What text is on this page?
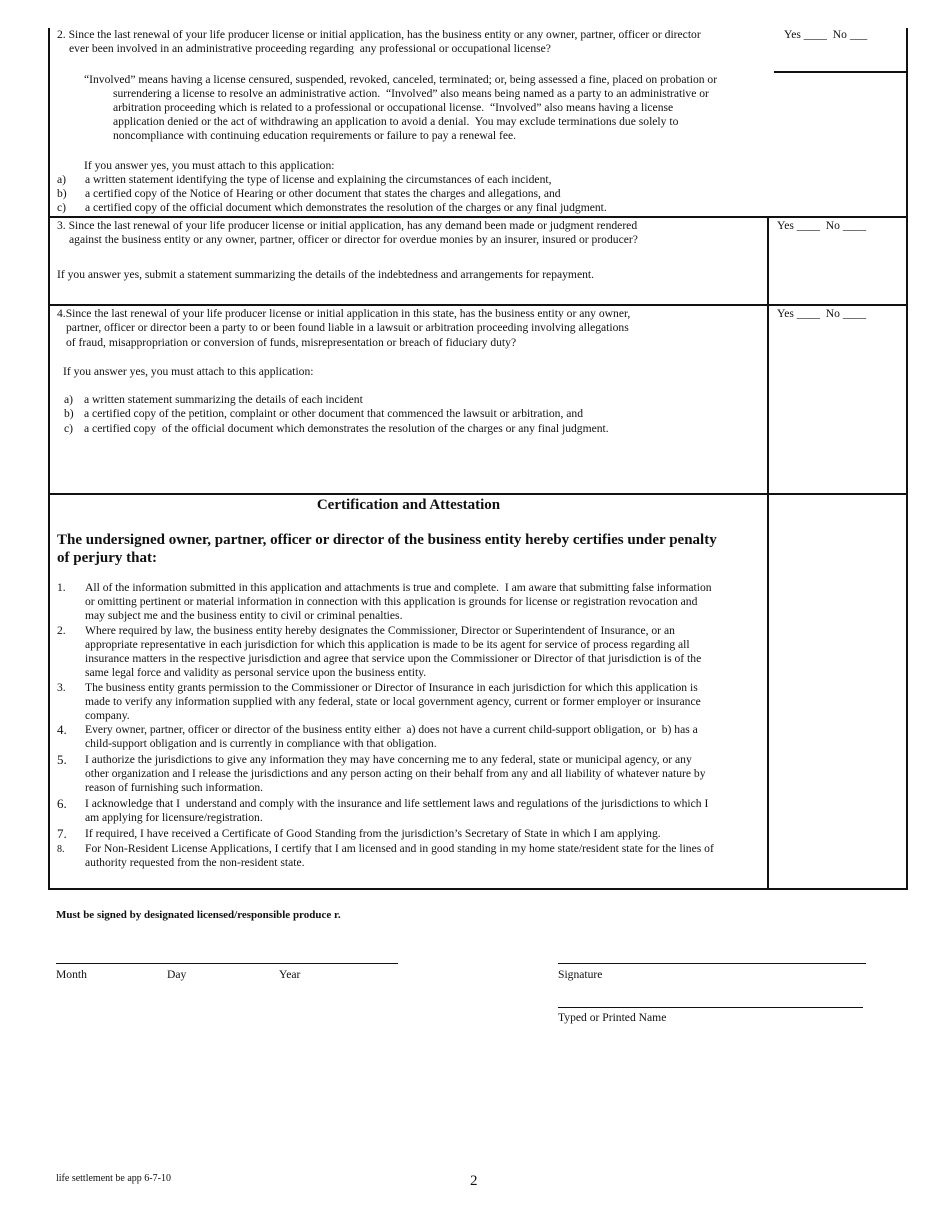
2. Since the last renewal of your life producer license or initial application, has the business entity or any owner, partner, officer or director
ever been involved in an administrative proceeding regarding  any professional or occupational license?
Yes ____  No ___
“Involved” means having a license censured, suspended, revoked, canceled, terminated; or, being assessed a fine, placed on probation or
surrendering a license to resolve an administrative action.  “Involved” also means being named as a party to an administrative or
arbitration proceeding which is related to a professional or occupational license.  “Involved” also means having a license
application denied or the act of withdrawing an application to avoid a denial.  You may exclude terminations due solely to
noncompliance with continuing education requirements or failure to pay a renewal fee.
If you answer yes, you must attach to this application:
a) a written statement identifying the type of license and explaining the circumstances of each incident,
b) a certified copy of the Notice of Hearing or other document that states the charges and allegations, and
c) a certified copy of the official document which demonstrates the resolution of the charges or any final judgment.
3. Since the last renewal of your life producer license or initial application, has any demand been made or judgment rendered
against the business entity or any owner, partner, officer or director for overdue monies by an insurer, insured or producer?
Yes ____  No ____
If you answer yes, submit a statement summarizing the details of the indebtedness and arrangements for repayment.
4.Since the last renewal of your life producer license or initial application in this state, has the business entity or any owner,
partner, officer or director been a party to or been found liable in a lawsuit or arbitration proceeding involving allegations
of fraud, misappropriation or conversion of funds, misrepresentation or breach of fiduciary duty?
Yes ____  No ____
If you answer yes, you must attach to this application:
a) a written statement summarizing the details of each incident
b) a certified copy of the petition, complaint or other document that commenced the lawsuit or arbitration, and
c) a certified copy  of the official document which demonstrates the resolution of the charges or any final judgment.
Certification and Attestation
The undersigned owner, partner, officer or director of the business entity hereby certifies under penalty
of perjury that:
1. All of the information submitted in this application and attachments is true and complete.  I am aware that submitting false information
or omitting pertinent or material information in connection with this application is grounds for license or registration revocation and
may subject me and the business entity to civil or criminal penalties.
2. Where required by law, the business entity hereby designates the Commissioner, Director or Superintendent of Insurance, or an
appropriate representative in each jurisdiction for which this application is made to be its agent for service of process regarding all
insurance matters in the respective jurisdiction and agree that service upon the Commissioner or Director of that jurisdiction is of the
same legal force and validity as personal service upon the business entity.
3. The business entity grants permission to the Commissioner or Director of Insurance in each jurisdiction for which this application is
made to verify any information supplied with any federal, state or local government agency, current or former employer or insurance
company.
4. Every owner, partner, officer or director of the business entity either  a) does not have a current child-support obligation, or  b) has a
child-support obligation and is currently in compliance with that obligation.
5. I authorize the jurisdictions to give any information they may have concerning me to any federal, state or municipal agency, or any
other organization and I release the jurisdictions and any person acting on their behalf from any and all liability of whatever nature by
reason of furnishing such information.
6. I acknowledge that I  understand and comply with the insurance and life settlement laws and regulations of the jurisdictions to which I
am applying for licensure/registration.
7. If required, I have received a Certificate of Good Standing from the jurisdiction’s Secretary of State in which I am applying.
8. For Non-Resident License Applications, I certify that I am licensed and in good standing in my home state/resident state for the lines of
authority requested from the non-resident state.
Must be signed by designated licensed/responsible produce r.
Month	Day	Year	Signature
Typed or Printed Name
life settlement be app 6-7-10	2
